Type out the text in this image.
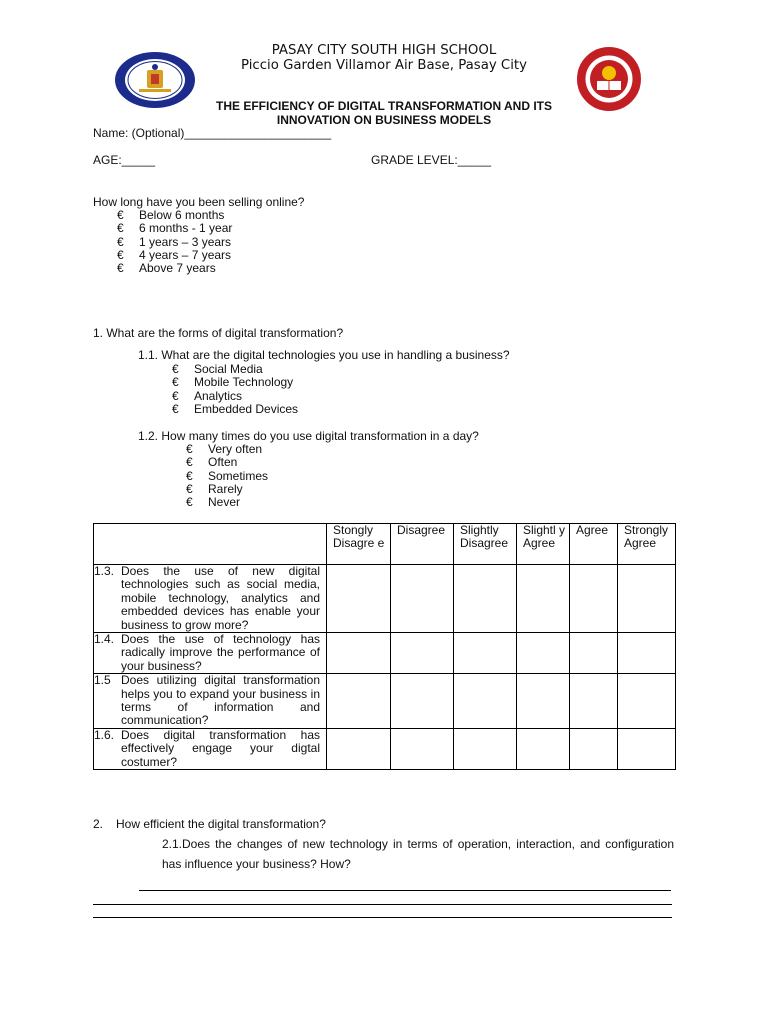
PASAY CITY SOUTH HIGH SCHOOL
Piccio Garden Villamor Air Base, Pasay City
THE EFFICIENCY OF DIGITAL TRANSFORMATION AND ITS
INNOVATION ON BUSINESS MODELS
Name: (Optional)______________________
AGE:_____	GRADE LEVEL:_____
How long have you been selling online?
€ Below 6 months
€ 6 months - 1 year
€ 1 years – 3 years
€ 4 years – 7 years
€ Above 7 years
1. What are the forms of digital transformation?
1.1. What are the digital technologies you use in handling a business?
€ Social Media
€ Mobile Technology
€ Analytics
€ Embedded Devices
1.2. How many times do you use digital transformation in a day?
€ Very often
€ Often
€ Sometimes
€ Rarely
€ Never
	Stongly Disagre e	Disagree	Slightly Disagree	Slightl y Agree	Agree	Strongly Agree

1.3. Does the use of new digital technologies such as social media, mobile technology, analytics and embedded devices has enable your business to grow more?						

1.4. Does the use of technology has radically improve the performance of your business?						

1.5 Does utilizing digital transformation helps you to expand your business in terms of information and communication?						

1.6. Does digital transformation has effectively engage your digtal costumer?						

2. How efficient the digital transformation?
2.1.Does the changes of new technology in terms of operation, interaction, and configuration
has influence your business? How?
